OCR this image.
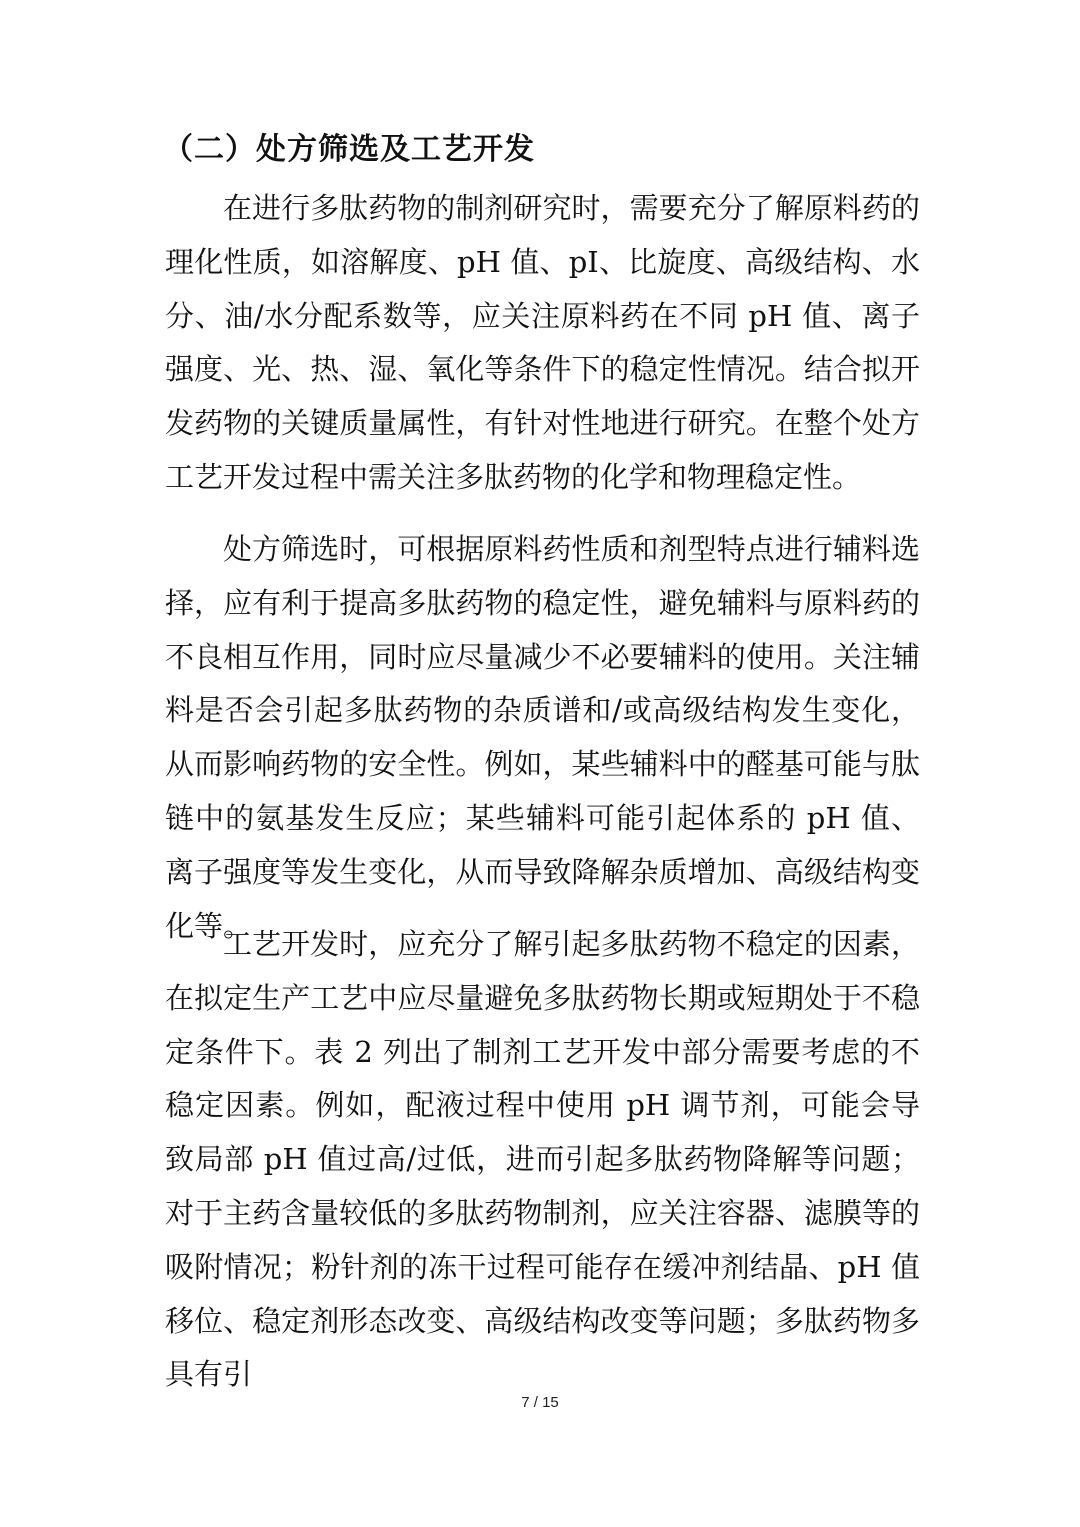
（二）处方筛选及工艺开发

在进行多肽药物的制剂研究时，需要充分了解原料药的理化性质，如溶解度、pH 值、pI、比旋度、高级结构、水分、油/水分配系数等，应关注原料药在不同 pH 值、离子强度、光、热、湿、氧化等条件下的稳定性情况。结合拟开发药物的关键质量属性，有针对性地进行研究。在整个处方工艺开发过程中需关注多肽药物的化学和物理稳定性。

处方筛选时，可根据原料药性质和剂型特点进行辅料选择，应有利于提高多肽药物的稳定性，避免辅料与原料药的不良相互作用，同时应尽量减少不必要辅料的使用。关注辅料是否会引起多肽药物的杂质谱和/或高级结构发生变化，从而影响药物的安全性。例如，某些辅料中的醛基可能与肽链中的氨基发生反应；某些辅料可能引起体系的 pH 值、离子强度等发生变化，从而导致降解杂质增加、高级结构变化等。

工艺开发时，应充分了解引起多肽药物不稳定的因素，在拟定生产工艺中应尽量避免多肽药物长期或短期处于不稳定条件下。表 2 列出了制剂工艺开发中部分需要考虑的不稳定因素。例如，配液过程中使用 pH 调节剂，可能会导致局部 pH 值过高/过低，进而引起多肽药物降解等问题；对于主药含量较低的多肽药物制剂，应关注容器、滤膜等的吸附情况；粉针剂的冻干过程可能存在缓冲剂结晶、pH 值移位、稳定剂形态改变、高级结构改变等问题；多肽药物多具有引

7 / 15
